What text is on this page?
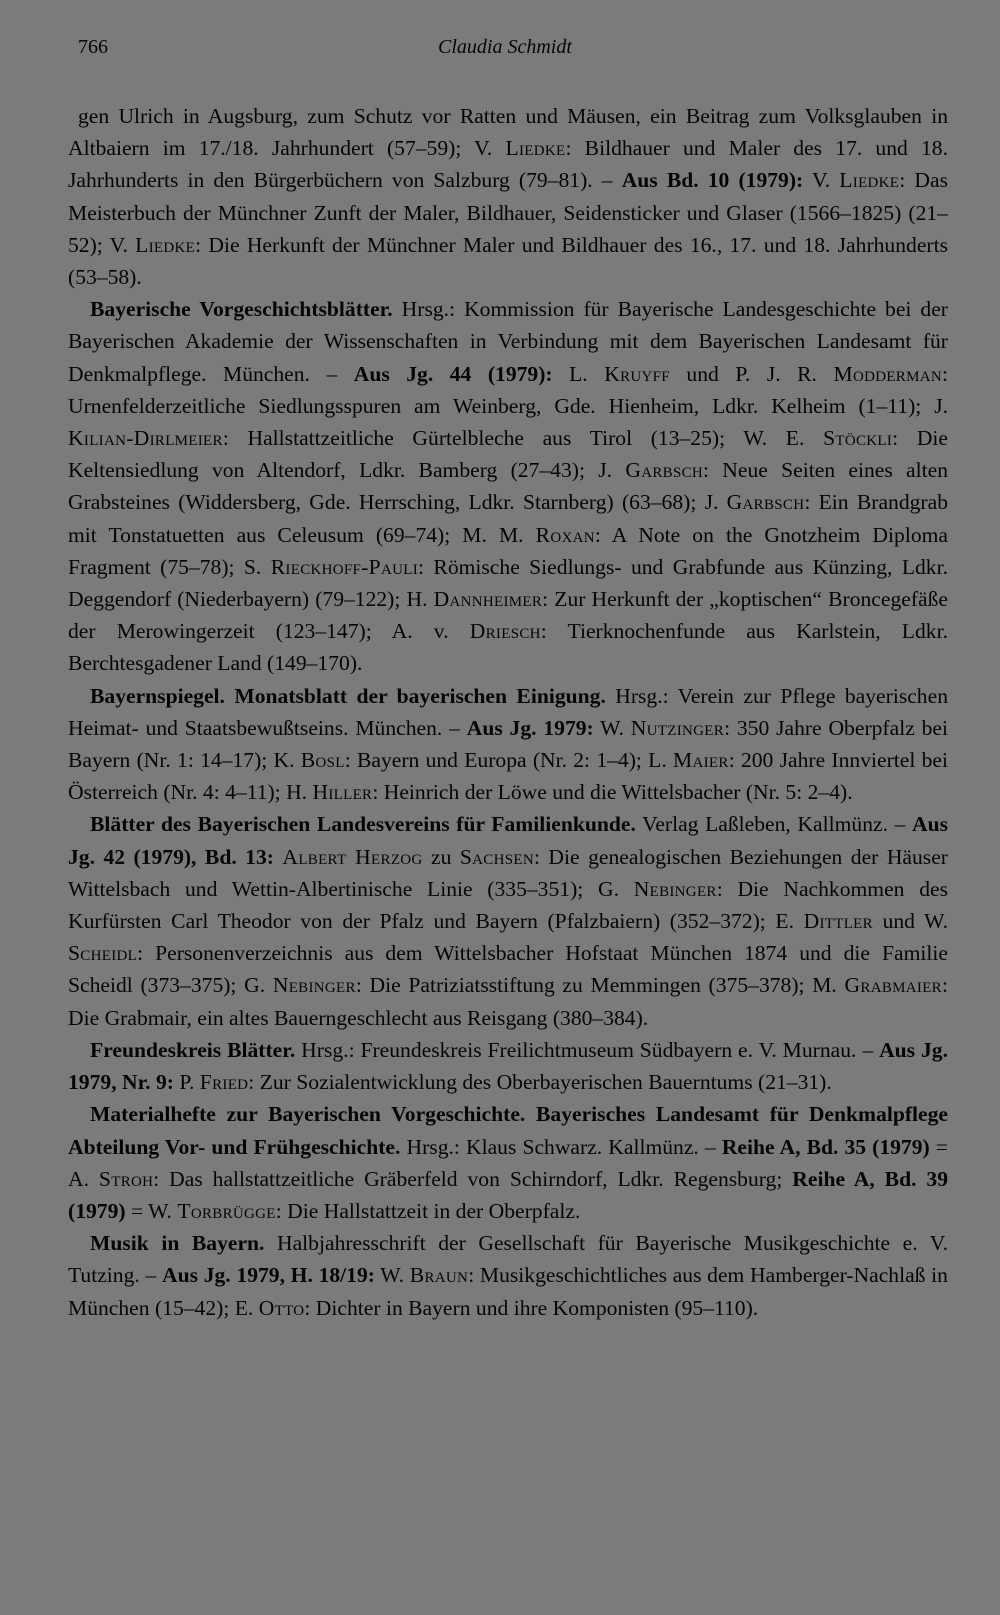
766	Claudia Schmidt

gen Ulrich in Augsburg, zum Schutz vor Ratten und Mäusen, ein Beitrag zum Volksglauben in Altbaiern im 17./18. Jahrhundert (57–59); V. Liedke: Bildhauer und Maler des 17. und 18. Jahrhunderts in den Bürgerbüchern von Salzburg (79–81). – Aus Bd. 10 (1979): V. Liedke: Das Meisterbuch der Münchner Zunft der Maler, Bildhauer, Seidensticker und Glaser (1566–1825) (21–52); V. Liedke: Die Herkunft der Münchner Maler und Bildhauer des 16., 17. und 18. Jahrhunderts (53–58).

Bayerische Vorgeschichtsblätter. Hrsg.: Kommission für Bayerische Landesgeschichte bei der Bayerischen Akademie der Wissenschaften in Verbindung mit dem Bayerischen Landesamt für Denkmalpflege. München. – Aus Jg. 44 (1979): L. Kruyff und P. J. R. Modderman: Urnenfelderzeitliche Siedlungsspuren am Weinberg, Gde. Hienheim, Ldkr. Kelheim (1–11); J. Kilian-Dirlmeier: Hallstattzeitliche Gürtelbleche aus Tirol (13–25); W. E. Stöckli: Die Keltensiedlung von Altendorf, Ldkr. Bamberg (27–43); J. Garbsch: Neue Seiten eines alten Grabsteines (Widdersberg, Gde. Herrsching, Ldkr. Starnberg) (63–68); J. Garbsch: Ein Brandgrab mit Tonstatuetten aus Celeusum (69–74); M. M. Roxan: A Note on the Gnotzheim Diploma Fragment (75–78); S. Rieckhoff-Pauli: Römische Siedlungs- und Grabfunde aus Künzing, Ldkr. Deggendorf (Niederbayern) (79–122); H. Dannheimer: Zur Herkunft der „koptischen“ Broncegefäße der Merowingerzeit (123–147); A. v. Driesch: Tierknochenfunde aus Karlstein, Ldkr. Berchtesgadener Land (149–170).

Bayernspiegel. Monatsblatt der bayerischen Einigung. Hrsg.: Verein zur Pflege bayerischen Heimat- und Staatsbewußtseins. München. – Aus Jg. 1979: W. Nutzinger: 350 Jahre Oberpfalz bei Bayern (Nr. 1: 14–17); K. Bosl: Bayern und Europa (Nr. 2: 1–4); L. Maier: 200 Jahre Innviertel bei Österreich (Nr. 4: 4–11); H. Hiller: Heinrich der Löwe und die Wittelsbacher (Nr. 5: 2–4).

Blätter des Bayerischen Landesvereins für Familienkunde. Verlag Laßleben, Kallmünz. – Aus Jg. 42 (1979), Bd. 13: Albert Herzog zu Sachsen: Die genealogischen Beziehungen der Häuser Wittelsbach und Wettin-Albertinische Linie (335–351); G. Nebinger: Die Nachkommen des Kurfürsten Carl Theodor von der Pfalz und Bayern (Pfalzbaiern) (352–372); E. Dittler und W. Scheidl: Personenverzeichnis aus dem Wittelsbacher Hofstaat München 1874 und die Familie Scheidl (373–375); G. Nebinger: Die Patriziatsstiftung zu Memmingen (375–378); M. Grabmaier: Die Grabmair, ein altes Bauerngeschlecht aus Reisgang (380–384).

Freundeskreis Blätter. Hrsg.: Freundeskreis Freilichtmuseum Südbayern e. V. Murnau. – Aus Jg. 1979, Nr. 9: P. Fried: Zur Sozialentwicklung des Oberbayerischen Bauerntums (21–31).

Materialhefte zur Bayerischen Vorgeschichte. Bayerisches Landesamt für Denkmalpflege Abteilung Vor- und Frühgeschichte. Hrsg.: Klaus Schwarz. Kallmünz. – Reihe A, Bd. 35 (1979) = A. Stroh: Das hallstattzeitliche Gräberfeld von Schirndorf, Ldkr. Regensburg; Reihe A, Bd. 39 (1979) = W. Torbrügge: Die Hallstattzeit in der Oberpfalz.

Musik in Bayern. Halbjahresschrift der Gesellschaft für Bayerische Musikgeschichte e. V. Tutzing. – Aus Jg. 1979, H. 18/19: W. Braun: Musikgeschichtliches aus dem Hamberger-Nachlaß in München (15–42); E. Otto: Dichter in Bayern und ihre Komponisten (95–110).
